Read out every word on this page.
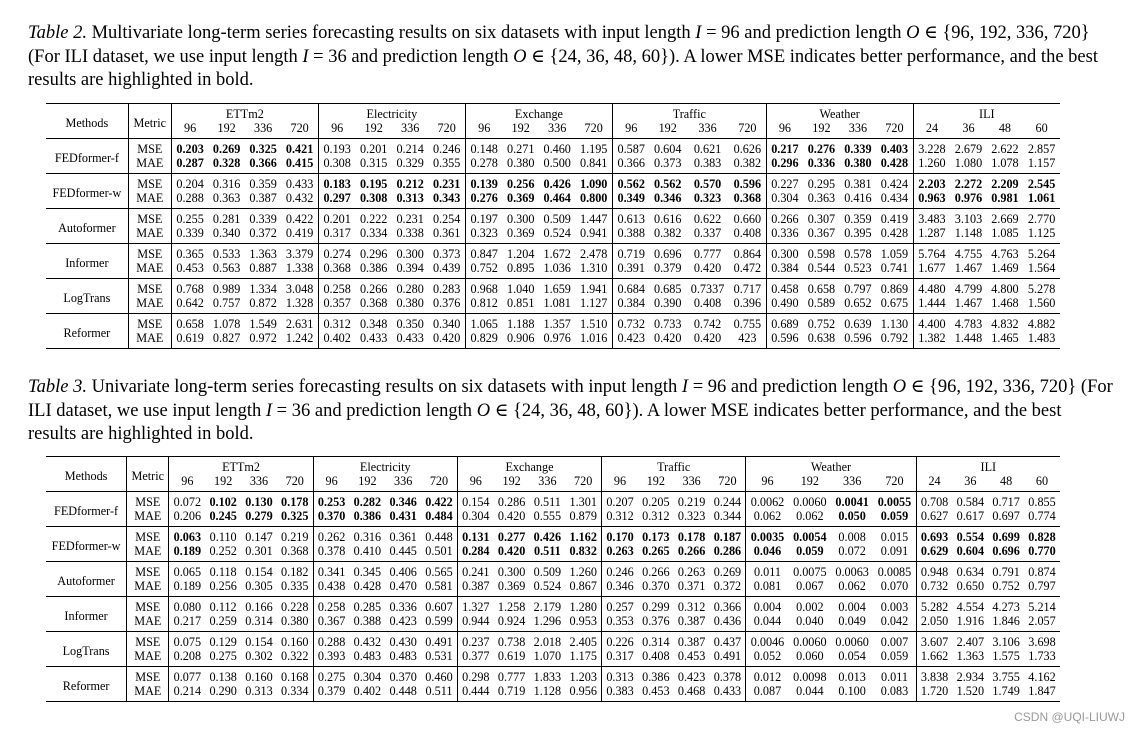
Table 2. Multivariate long-term series forecasting results on six datasets with input length I = 96 and prediction length O ∈ {96, 192, 336, 720} (For ILI dataset, we use input length I = 36 and prediction length O ∈ {24, 36, 48, 60}). A lower MSE indicates better performance, and the best results are highlighted in bold.
Methods	Metric	ETTm2				Electricity				Exchange				Traffic				Weather				ILI			
		96	192	336	720	96	192	336	720	96	192	336	720	96	192	336	720	96	192	336	720	24	36	48	60
FEDformer-f	MSE	0.203	0.269	0.325	0.421	0.193	0.201	0.214	0.246	0.148	0.271	0.460	1.195	0.587	0.604	0.621	0.626	0.217	0.276	0.339	0.403	3.228	2.679	2.622	2.857
	MAE	0.287	0.328	0.366	0.415	0.308	0.315	0.329	0.355	0.278	0.380	0.500	0.841	0.366	0.373	0.383	0.382	0.296	0.336	0.380	0.428	1.260	1.080	1.078	1.157
FEDformer-w	MSE	0.204	0.316	0.359	0.433	0.183	0.195	0.212	0.231	0.139	0.256	0.426	1.090	0.562	0.562	0.570	0.596	0.227	0.295	0.381	0.424	2.203	2.272	2.209	2.545
	MAE	0.288	0.363	0.387	0.432	0.297	0.308	0.313	0.343	0.276	0.369	0.464	0.800	0.349	0.346	0.323	0.368	0.304	0.363	0.416	0.434	0.963	0.976	0.981	1.061
Autoformer	MSE	0.255	0.281	0.339	0.422	0.201	0.222	0.231	0.254	0.197	0.300	0.509	1.447	0.613	0.616	0.622	0.660	0.266	0.307	0.359	0.419	3.483	3.103	2.669	2.770
	MAE	0.339	0.340	0.372	0.419	0.317	0.334	0.338	0.361	0.323	0.369	0.524	0.941	0.388	0.382	0.337	0.408	0.336	0.367	0.395	0.428	1.287	1.148	1.085	1.125
Informer	MSE	0.365	0.533	1.363	3.379	0.274	0.296	0.300	0.373	0.847	1.204	1.672	2.478	0.719	0.696	0.777	0.864	0.300	0.598	0.578	1.059	5.764	4.755	4.763	5.264
	MAE	0.453	0.563	0.887	1.338	0.368	0.386	0.394	0.439	0.752	0.895	1.036	1.310	0.391	0.379	0.420	0.472	0.384	0.544	0.523	0.741	1.677	1.467	1.469	1.564
LogTrans	MSE	0.768	0.989	1.334	3.048	0.258	0.266	0.280	0.283	0.968	1.040	1.659	1.941	0.684	0.685	0.7337	0.717	0.458	0.658	0.797	0.869	4.480	4.799	4.800	5.278
	MAE	0.642	0.757	0.872	1.328	0.357	0.368	0.380	0.376	0.812	0.851	1.081	1.127	0.384	0.390	0.408	0.396	0.490	0.589	0.652	0.675	1.444	1.467	1.468	1.560
Reformer	MSE	0.658	1.078	1.549	2.631	0.312	0.348	0.350	0.340	1.065	1.188	1.357	1.510	0.732	0.733	0.742	0.755	0.689	0.752	0.639	1.130	4.400	4.783	4.832	4.882
	MAE	0.619	0.827	0.972	1.242	0.402	0.433	0.433	0.420	0.829	0.906	0.976	1.016	0.423	0.420	0.420	423	0.596	0.638	0.596	0.792	1.382	1.448	1.465	1.483
Table 3. Univariate long-term series forecasting results on six datasets with input length I = 96 and prediction length O ∈ {96, 192, 336, 720} (For ILI dataset, we use input length I = 36 and prediction length O ∈ {24, 36, 48, 60}). A lower MSE indicates better performance, and the best results are highlighted in bold.
Methods	Metric	ETTm2				Electricity				Exchange				Traffic				Weather				ILI			
		96	192	336	720	96	192	336	720	96	192	336	720	96	192	336	720	96	192	336	720	24	36	48	60
FEDformer-f	MSE	0.072	0.102	0.130	0.178	0.253	0.282	0.346	0.422	0.154	0.286	0.511	1.301	0.207	0.205	0.219	0.244	0.0062	0.0060	0.0041	0.0055	0.708	0.584	0.717	0.855
	MAE	0.206	0.245	0.279	0.325	0.370	0.386	0.431	0.484	0.304	0.420	0.555	0.879	0.312	0.312	0.323	0.344	0.062	0.062	0.050	0.059	0.627	0.617	0.697	0.774
FEDformer-w	MSE	0.063	0.110	0.147	0.219	0.262	0.316	0.361	0.448	0.131	0.277	0.426	1.162	0.170	0.173	0.178	0.187	0.0035	0.0054	0.008	0.015	0.693	0.554	0.699	0.828
	MAE	0.189	0.252	0.301	0.368	0.378	0.410	0.445	0.501	0.284	0.420	0.511	0.832	0.263	0.265	0.266	0.286	0.046	0.059	0.072	0.091	0.629	0.604	0.696	0.770
Autoformer	MSE	0.065	0.118	0.154	0.182	0.341	0.345	0.406	0.565	0.241	0.300	0.509	1.260	0.246	0.266	0.263	0.269	0.011	0.0075	0.0063	0.0085	0.948	0.634	0.791	0.874
	MAE	0.189	0.256	0.305	0.335	0.438	0.428	0.470	0.581	0.387	0.369	0.524	0.867	0.346	0.370	0.371	0.372	0.081	0.067	0.062	0.070	0.732	0.650	0.752	0.797
Informer	MSE	0.080	0.112	0.166	0.228	0.258	0.285	0.336	0.607	1.327	1.258	2.179	1.280	0.257	0.299	0.312	0.366	0.004	0.002	0.004	0.003	5.282	4.554	4.273	5.214
	MAE	0.217	0.259	0.314	0.380	0.367	0.388	0.423	0.599	0.944	0.924	1.296	0.953	0.353	0.376	0.387	0.436	0.044	0.040	0.049	0.042	2.050	1.916	1.846	2.057
LogTrans	MSE	0.075	0.129	0.154	0.160	0.288	0.432	0.430	0.491	0.237	0.738	2.018	2.405	0.226	0.314	0.387	0.437	0.0046	0.0060	0.0060	0.007	3.607	2.407	3.106	3.698
	MAE	0.208	0.275	0.302	0.322	0.393	0.483	0.483	0.531	0.377	0.619	1.070	1.175	0.317	0.408	0.453	0.491	0.052	0.060	0.054	0.059	1.662	1.363	1.575	1.733
Reformer	MSE	0.077	0.138	0.160	0.168	0.275	0.304	0.370	0.460	0.298	0.777	1.833	1.203	0.313	0.386	0.423	0.378	0.012	0.0098	0.013	0.011	3.838	2.934	3.755	4.162
	MAE	0.214	0.290	0.313	0.334	0.379	0.402	0.448	0.511	0.444	0.719	1.128	0.956	0.383	0.453	0.468	0.433	0.087	0.044	0.100	0.083	1.720	1.520	1.749	1.847
CSDN @UQI-LIUWJ
